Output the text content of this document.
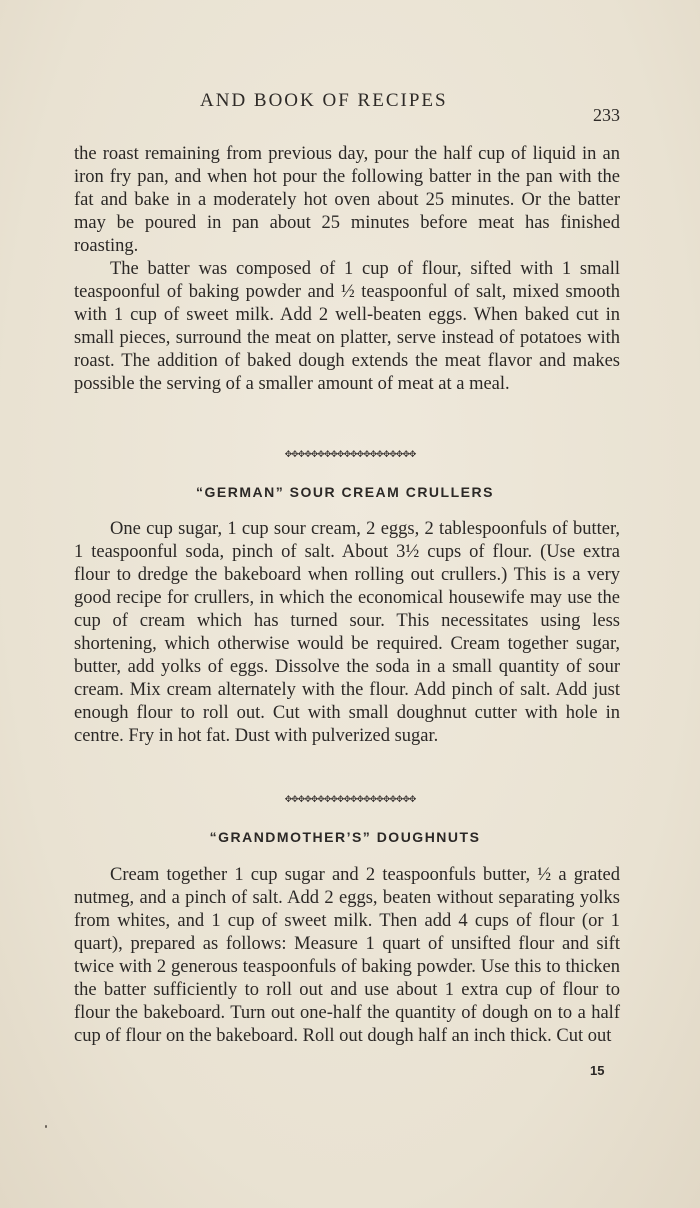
AND BOOK OF RECIPES
233

the roast remaining from previous day, pour the half cup of liquid in an iron fry pan, and when hot pour the following batter in the pan with the fat and bake in a moderately hot oven about 25 minutes. Or the batter may be poured in pan about 25 minutes before meat has finished roasting.

The batter was composed of 1 cup of flour, sifted with 1 small teaspoonful of baking powder and ½ teaspoonful of salt, mixed smooth with 1 cup of sweet milk. Add 2 well-beaten eggs. When baked cut in small pieces, surround the meat on platter, serve instead of potatoes with roast. The addition of baked dough extends the meat flavor and makes possible the serving of a smaller amount of meat at a meal.

✥✥✥✥✥✥✥✥✥✥✥✥✥✥✥✥✥✥✥✥
“GERMAN” SOUR CREAM CRULLERS

One cup sugar, 1 cup sour cream, 2 eggs, 2 tablespoonfuls of butter, 1 teaspoonful soda, pinch of salt. About 3½ cups of flour. (Use extra flour to dredge the bakeboard when rolling out crullers.) This is a very good recipe for crullers, in which the economical housewife may use the cup of cream which has turned sour. This necessitates using less shortening, which otherwise would be required. Cream together sugar, butter, add yolks of eggs. Dissolve the soda in a small quantity of sour cream. Mix cream alternately with the flour. Add pinch of salt. Add just enough flour to roll out. Cut with small doughnut cutter with hole in centre. Fry in hot fat. Dust with pulverized sugar.

✥✥✥✥✥✥✥✥✥✥✥✥✥✥✥✥✥✥✥✥
“GRANDMOTHER’S” DOUGHNUTS

Cream together 1 cup sugar and 2 teaspoonfuls butter, ½ a grated nutmeg, and a pinch of salt. Add 2 eggs, beaten without separating yolks from whites, and 1 cup of sweet milk. Then add 4 cups of flour (or 1 quart), prepared as follows: Measure 1 quart of unsifted flour and sift twice with 2 generous teaspoonfuls of baking powder. Use this to thicken the batter sufficiently to roll out and use about 1 extra cup of flour to flour the bakeboard. Turn out one-half the quantity of dough on to a half cup of flour on the bakeboard. Roll out dough half an inch thick. Cut out

15
